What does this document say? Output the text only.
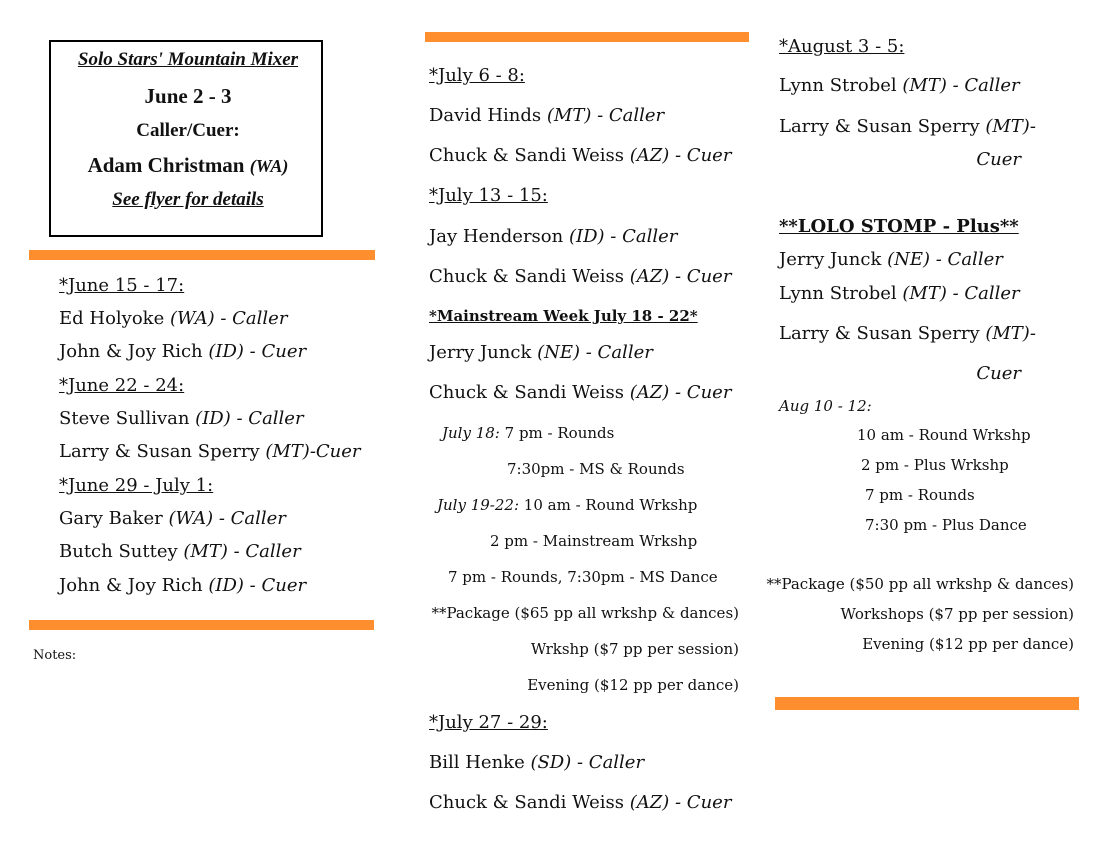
Solo Stars' Mountain Mixer
June 2 - 3
Caller/Cuer:
Adam Christman (WA)
See flyer for details
*June 15 - 17:
Ed Holyoke (WA) - Caller
John & Joy Rich (ID) - Cuer
*June 22 - 24:
Steve Sullivan (ID) - Caller
Larry & Susan Sperry (MT)-Cuer
*June 29 - July 1:
Gary Baker (WA) - Caller
Butch Suttey (MT) - Caller
John & Joy Rich (ID) - Cuer
Notes:
*July 6 - 8:
David Hinds (MT) - Caller
Chuck & Sandi Weiss (AZ) - Cuer
*July 13 - 15:
Jay Henderson (ID) - Caller
Chuck & Sandi Weiss (AZ) - Cuer
*Mainstream Week July 18 - 22*
Jerry Junck (NE) - Caller
Chuck & Sandi Weiss (AZ) - Cuer
July 18: 7 pm - Rounds
7:30pm - MS & Rounds
July 19-22: 10 am - Round Wrkshp
2 pm - Mainstream Wrkshp
7 pm - Rounds, 7:30pm - MS Dance
**Package ($65 pp all wrkshp & dances)
Wrkshp ($7 pp per session)
Evening ($12 pp per dance)
*July 27 - 29:
Bill Henke (SD) - Caller
Chuck & Sandi Weiss (AZ) - Cuer
*August 3 - 5:
Lynn Strobel (MT) - Caller
Larry & Susan Sperry (MT)-
Cuer
**LOLO STOMP - Plus**
Jerry Junck (NE) - Caller
Lynn Strobel (MT) - Caller
Larry & Susan Sperry (MT)-
Cuer
Aug 10 - 12:
10 am - Round Wrkshp
2 pm - Plus Wrkshp
7 pm - Rounds
7:30 pm - Plus Dance
**Package ($50 pp all wrkshp & dances)
Workshops ($7 pp per session)
Evening ($12 pp per dance)
